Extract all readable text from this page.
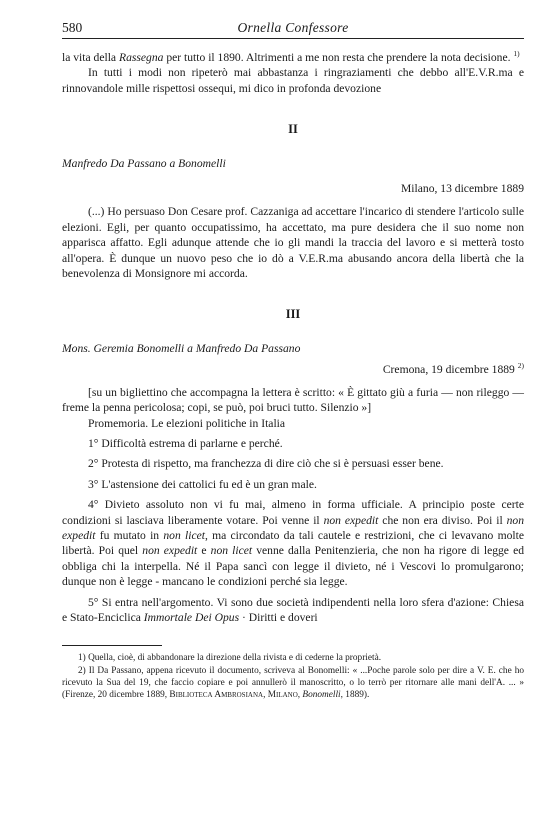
580	Ornella Confessore

la vita della Rassegna per tutto il 1890. Altrimenti a me non resta che prendere la nota decisione. $^{1)}$

In tutti i modi non ripeterò mai abbastanza i ringraziamenti che debbo all'E.V.R.ma e rinnovandole mille rispettosi ossequi, mi dico in profonda devozione

II

Manfredo Da Passano a Bonomelli

Milano, 13 dicembre 1889

(...) Ho persuaso Don Cesare prof. Cazzaniga ad accettare l'incarico di stendere l'articolo sulle elezioni. Egli, per quanto occupatissimo, ha accettato, ma pure desidera che il suo nome non apparisca affatto. Egli adunque attende che io gli mandi la traccia del lavoro e si metterà tosto all'opera. È dunque un nuovo peso che io dò a V.E.R.ma abusando ancora della libertà che la benevolenza di Monsignore mi accorda.

III

Mons. Geremia Bonomelli a Manfredo Da Passano

Cremona, 19 dicembre 1889 $^{2)}$

[su un bigliettino che accompagna la lettera è scritto: « È gittato giù a furia — non rileggo — freme la penna pericolosa; copi, se può, poi bruci tutto. Silenzio »]

Promemoria. Le elezioni politiche in Italia

1° Difficoltà estrema di parlarne e perché.

2° Protesta di rispetto, ma franchezza di dire ciò che si è persuasi esser bene.

3° L'astensione dei cattolici fu ed è un gran male.

4° Divieto assoluto non vi fu mai, almeno in forma ufficiale. A principio poste certe condizioni si lasciava liberamente votare. Poi venne il non expedit che non era diviso. Poi il non expedit fu mutato in non licet, ma circondato da tali cautele e restrizioni, che ci levavano molte libertà. Poi quel non expedit e non licet venne dalla Penitenzieria, che non ha rigore di legge ed obbliga chi la interpella. Né il Papa sancì con legge il divieto, né i Vescovi lo promulgarono; dunque non è legge - mancano le condizioni perché sia legge.

5° Si entra nell'argomento. Vi sono due società indipendenti nella loro sfera d'azione: Chiesa e Stato-Enciclica Immortale Dei Opus · Diritti e doveri

1) Quella, cioè, di abbandonare la direzione della rivista e di cederne la proprietà.

2) Il Da Passano, appena ricevuto il documento, scriveva al Bonomelli: « ...Poche parole solo per dire a V. E. che ho ricevuto la Sua del 19, che faccio copiare e poi annullerò il manoscritto, o lo terrò per ritornare alle mani dell'A. ... » (Firenze, 20 dicembre 1889, Biblioteca Ambrosiana, Milano, Bonomelli, 1889).
